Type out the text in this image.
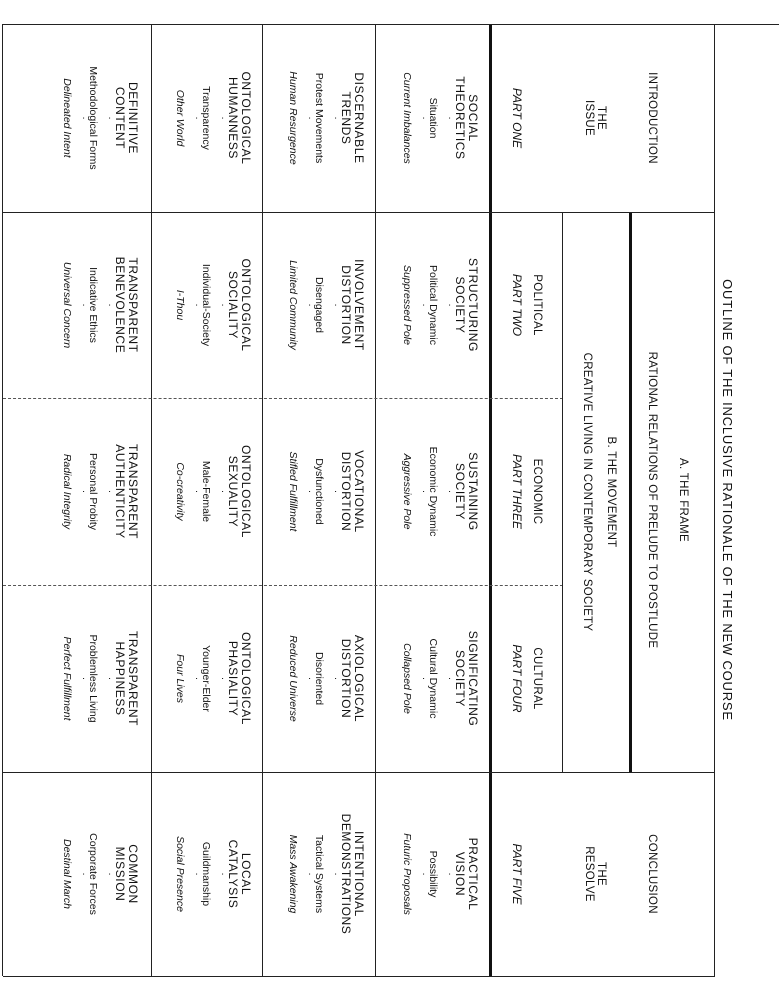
OUTLINE OF THE INCLUSIVE RATIONALE OF THE NEW COURSE
A. THE FRAME
RATIONAL RELATIONS OF PRELUDE TO POSTLUDE
B. THE MOVEMENT
CREATIVE LIVING IN CONTEMPORARY SOCIETY
INTRODUCTION
CONCLUSION
THE
ISSUE
POLITICAL
ECONOMIC
CULTURAL
THE
RESOLVE
PART ONE
PART TWO
PART THREE
PART FOUR
PART FIVE
SOCIAL
THEORETICS
·
Situation
·
Current Imbalances
DISCERNABLE
TRENDS
·
Protest Movements
·
Human Resurgence
ONTOLOGICAL
HUMANNESS
·
Transparency
·
Other World
DEFINITIVE
CONTENT
·
Methodological Forms
·
Delineated Intent
STRUCTURING
SOCIETY
·
Political Dynamic
·
Suppressed Pole
INVOLVEMENT
DISTORTION
·
Disengaged
·
Limited Community
ONTOLOGICAL
SOCIALITY
·
Individual-Society
·
I-Thou
TRANSPARENT
BENEVOLENCE
·
Indicative Ethics
·
Universal Concern
SUSTAINING
SOCIETY
·
Economic Dynamic
·
Aggressive Pole
VOCATIONAL
DISTORTION
·
Dysfunctioned
·
Stifled Fulfillment
ONTOLOGICAL
SEXUALITY
·
Male-Female
·
Co-creativity
TRANSPARENT
AUTHENTICITY
·
Personal Probity
·
Radical Integrity
SIGNIFICATING
SOCIETY
·
Cultural Dynamic
·
Collapsed Pole
AXIOLOGICAL
DISTORTION
·
Disoriented
·
Reduced Universe
ONTOLOGICAL
PHASIALITY
·
Younger-Elder
·
Four Lives
TRANSPARENT
HAPPINESS
·
Problemless Living
·
Perfect Fulfillment
PRACTICAL
VISION
·
Possibility
·
Futuric Proposals
INTENTIONAL
DEMONSTRATIONS
·
Tactical Systems
·
Mass Awakening
LOCAL
CATALYSIS
·
Guildmanship
·
Social Presence
COMMON
MISSION
·
Corporate Forces
·
Destinal March
